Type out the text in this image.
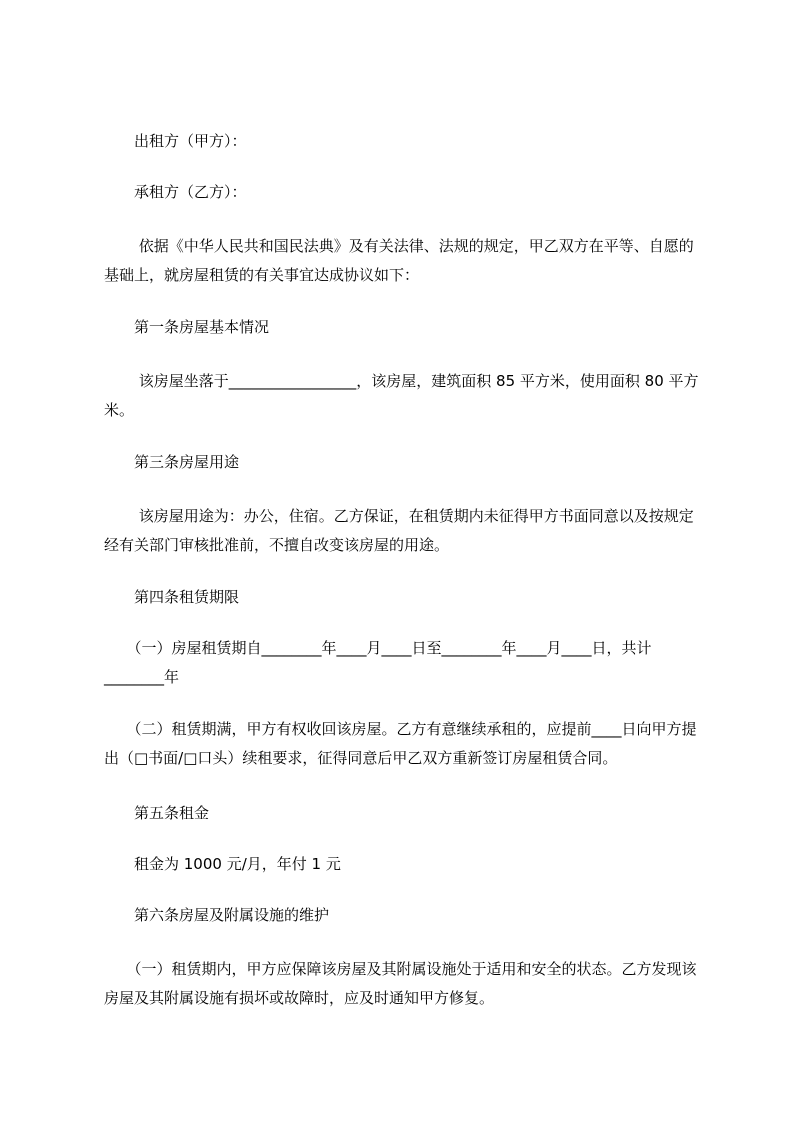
　　出租方（甲方）：

　　承租方（乙方）：

　　 依据《中华人民共和国民法典》及有关法律、法规的规定，甲乙双方在平等、自愿的基础上，就房屋租赁的有关事宜达成协议如下：

　　第一条房屋基本情况

　　 该房屋坐落于_________________，该房屋，建筑面积 85 平方米，使用面积 80 平方米。

　　第三条房屋用途

　　 该房屋用途为：办公，住宿。乙方保证，在租赁期内未征得甲方书面同意以及按规定经有关部门审核批准前，不擅自改变该房屋的用途。

　　第四条租赁期限

　　（一）房屋租赁期自________年____月____日至________年____月____日，共计________年

　　（二）租赁期满，甲方有权收回该房屋。乙方有意继续承租的，应提前____日向甲方提出（□书面/□口头）续租要求，征得同意后甲乙双方重新签订房屋租赁合同。

　　第五条租金

　　租金为 1000 元/月，年付 1 元

　　第六条房屋及附属设施的维护

　　（一）租赁期内，甲方应保障该房屋及其附属设施处于适用和安全的状态。乙方发现该房屋及其附属设施有损坏或故障时，应及时通知甲方修复。
